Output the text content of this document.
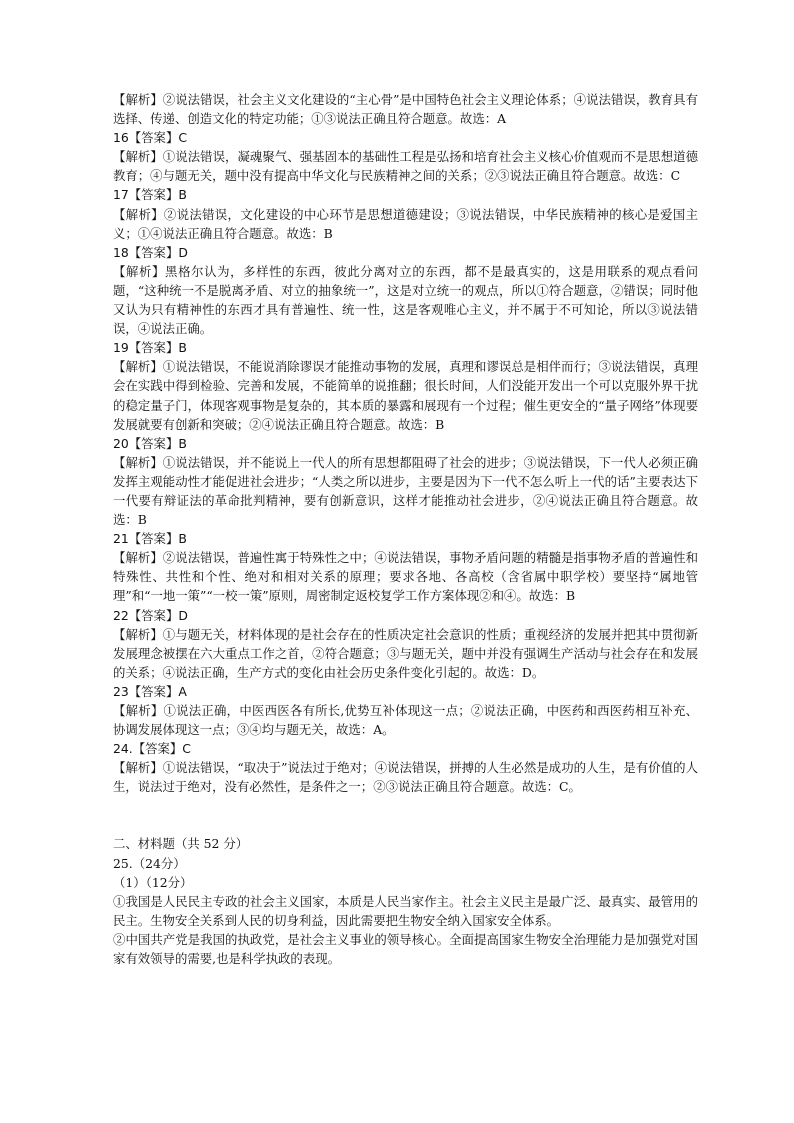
【解析】②说法错误，社会主义文化建设的“主心骨”是中国特色社会主义理论体系；④说法错误，教育具有选择、传递、创造文化的特定功能；①③说法正确且符合题意。故选：A

16【答案】C

【解析】①说法错误，凝魂聚气、强基固本的基础性工程是弘扬和培育社会主义核心价值观而不是思想道德教育；④与题无关，题中没有提高中华文化与民族精神之间的关系；②③说法正确且符合题意。故选：C

17【答案】B

【解析】②说法错误，文化建设的中心环节是思想道德建设；③说法错误，中华民族精神的核心是爱国主义；①④说法正确且符合题意。故选：B

18【答案】D

【解析】黑格尔认为，多样性的东西，彼此分离对立的东西，都不是最真实的，这是用联系的观点看问题，“这种统一不是脱离矛盾、对立的抽象统一”，这是对立统一的观点，所以①符合题意，②错误；同时他又认为只有精神性的东西才具有普遍性、统一性，这是客观唯心主义，并不属于不可知论，所以③说法错误，④说法正确。

19【答案】B

【解析】①说法错误，不能说消除谬误才能推动事物的发展，真理和谬误总是相伴而行；③说法错误，真理会在实践中得到检验、完善和发展，不能简单的说推翻；很长时间，人们没能开发出一个可以克服外界干扰的稳定量子门，体现客观事物是复杂的，其本质的暴露和展现有一个过程；催生更安全的“量子网络”体现要发展就要有创新和突破；②④说法正确且符合题意。故选：B

20【答案】B

【解析】①说法错误，并不能说上一代人的所有思想都阻碍了社会的进步；③说法错误，下一代人必须正确发挥主观能动性才能促进社会进步；“人类之所以进步，主要是因为下一代不怎么听上一代的话”主要表达下一代要有辩证法的革命批判精神，要有创新意识，这样才能推动社会进步，②④说法正确且符合题意。故选：B

21【答案】B

【解析】②说法错误，普遍性寓于特殊性之中；④说法错误，事物矛盾问题的精髓是指事物矛盾的普遍性和特殊性、共性和个性、绝对和相对关系的原理；要求各地、各高校（含省属中职学校）要坚持“属地管理”和“一地一策”“一校一策”原则，周密制定返校复学工作方案体现②和④。故选：B

22【答案】D

【解析】①与题无关，材料体现的是社会存在的性质决定社会意识的性质；重视经济的发展并把其中贯彻新发展理念被摆在六大重点工作之首，②符合题意；③与题无关，题中并没有强调生产活动与社会存在和发展的关系；④说法正确，生产方式的变化由社会历史条件变化引起的。故选：D。

23【答案】A

【解析】①说法正确，中医西医各有所长,优势互补体现这一点；②说法正确，中医药和西医药相互补充、协调发展体现这一点；③④均与题无关，故选：A。

24.【答案】C

【解析】①说法错误，“取决于”说法过于绝对；④说法错误，拼搏的人生必然是成功的人生，是有价值的人生，说法过于绝对，没有必然性，是条件之一；②③说法正确且符合题意。故选：C。

二、材料题（共 52 分）

25.（24分）

（1）（12分）

①我国是人民民主专政的社会主义国家，本质是人民当家作主。社会主义民主是最广泛、最真实、最管用的民主。生物安全关系到人民的切身利益，因此需要把生物安全纳入国家安全体系。

②中国共产党是我国的执政党，是社会主义事业的领导核心。全面提高国家生物安全治理能力是加强党对国家有效领导的需要,也是科学执政的表现。
